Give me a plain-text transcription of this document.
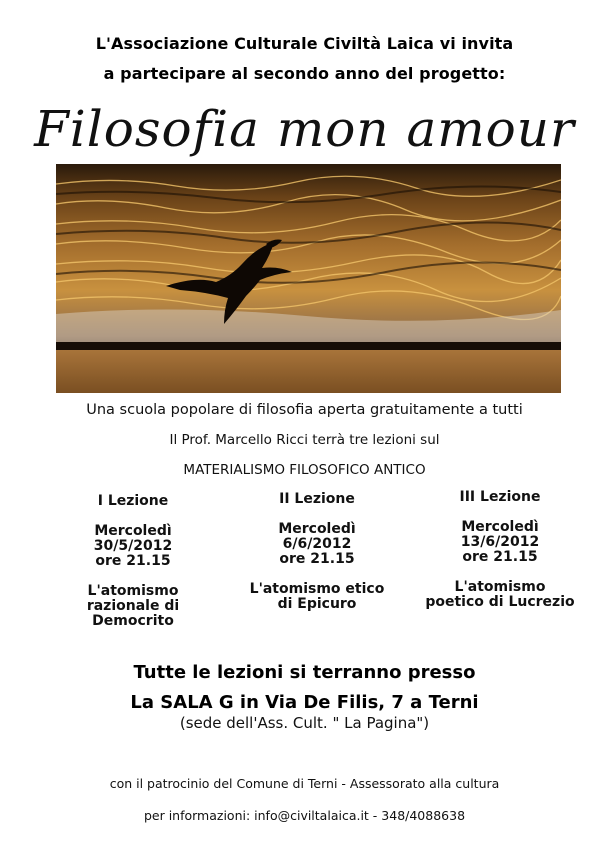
L'Associazione Culturale Civiltà Laica vi invita
a partecipare al secondo anno del progetto:
Filosofia mon amour
Una scuola popolare di filosofia aperta gratuitamente a tutti
Il Prof. Marcello Ricci terrà tre lezioni sul
MATERIALISMO FILOSOFICO ANTICO
I Lezione
Mercoledì
30/5/2012
ore 21.15
L'atomismo razionale di Democrito
II Lezione
Mercoledì
6/6/2012
ore 21.15
L'atomismo etico di Epicuro
III Lezione
Mercoledì
13/6/2012
ore 21.15
L'atomismo poetico di Lucrezio
Tutte le lezioni si terranno presso
La SALA G in Via De Filis, 7 a Terni
(sede dell'Ass. Cult. " La Pagina")
con il patrocinio del Comune di Terni - Assessorato alla cultura
per informazioni: info@civiltalaica.it - 348/4088638
